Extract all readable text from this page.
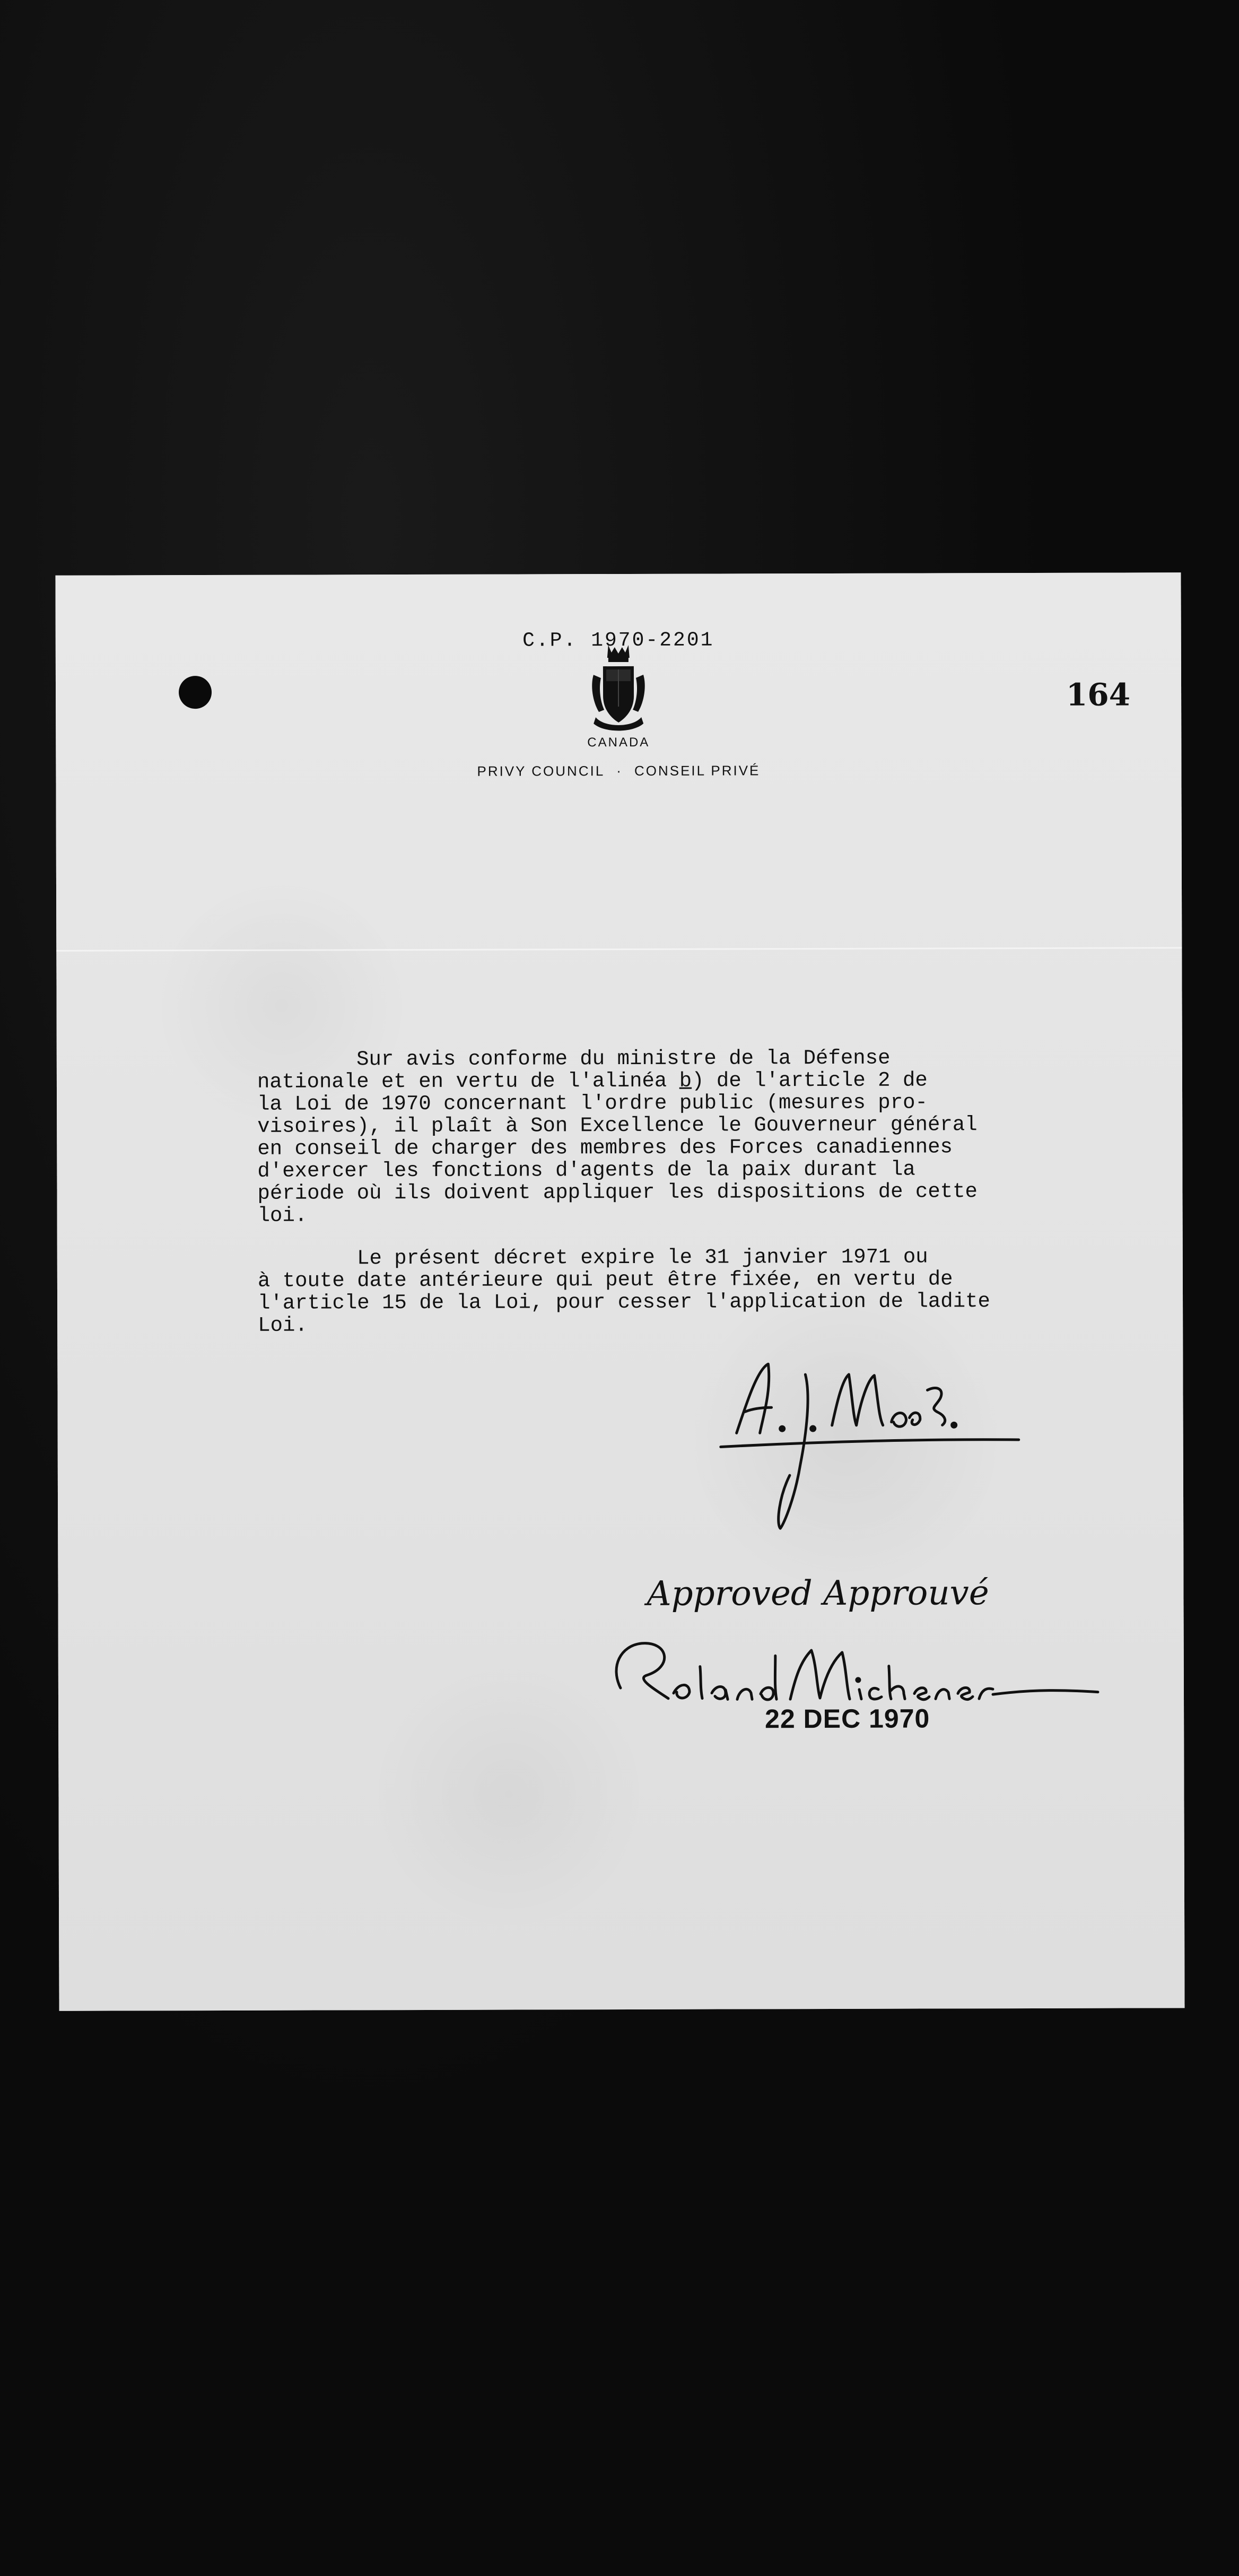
C.P. 1970-2201
164
CANADA
PRIVY COUNCIL · CONSEIL PRIVÉ
Sur avis conforme du ministre de la Défense
nationale et en vertu de l'alinéa b) de l'article 2 de
la Loi de 1970 concernant l'ordre public (mesures pro-
visoires), il plaît à Son Excellence le Gouverneur général
en conseil de charger des membres des Forces canadiennes
d'exercer les fonctions d'agents de la paix durant la
période où ils doivent appliquer les dispositions de cette
loi.
Le présent décret expire le 31 janvier 1971 ou
à toute date antérieure qui peut être fixée, en vertu de
l'article 15 de la Loi, pour cesser l'application de ladite
Loi.
Approved Approuvé
22 DEC 1970
